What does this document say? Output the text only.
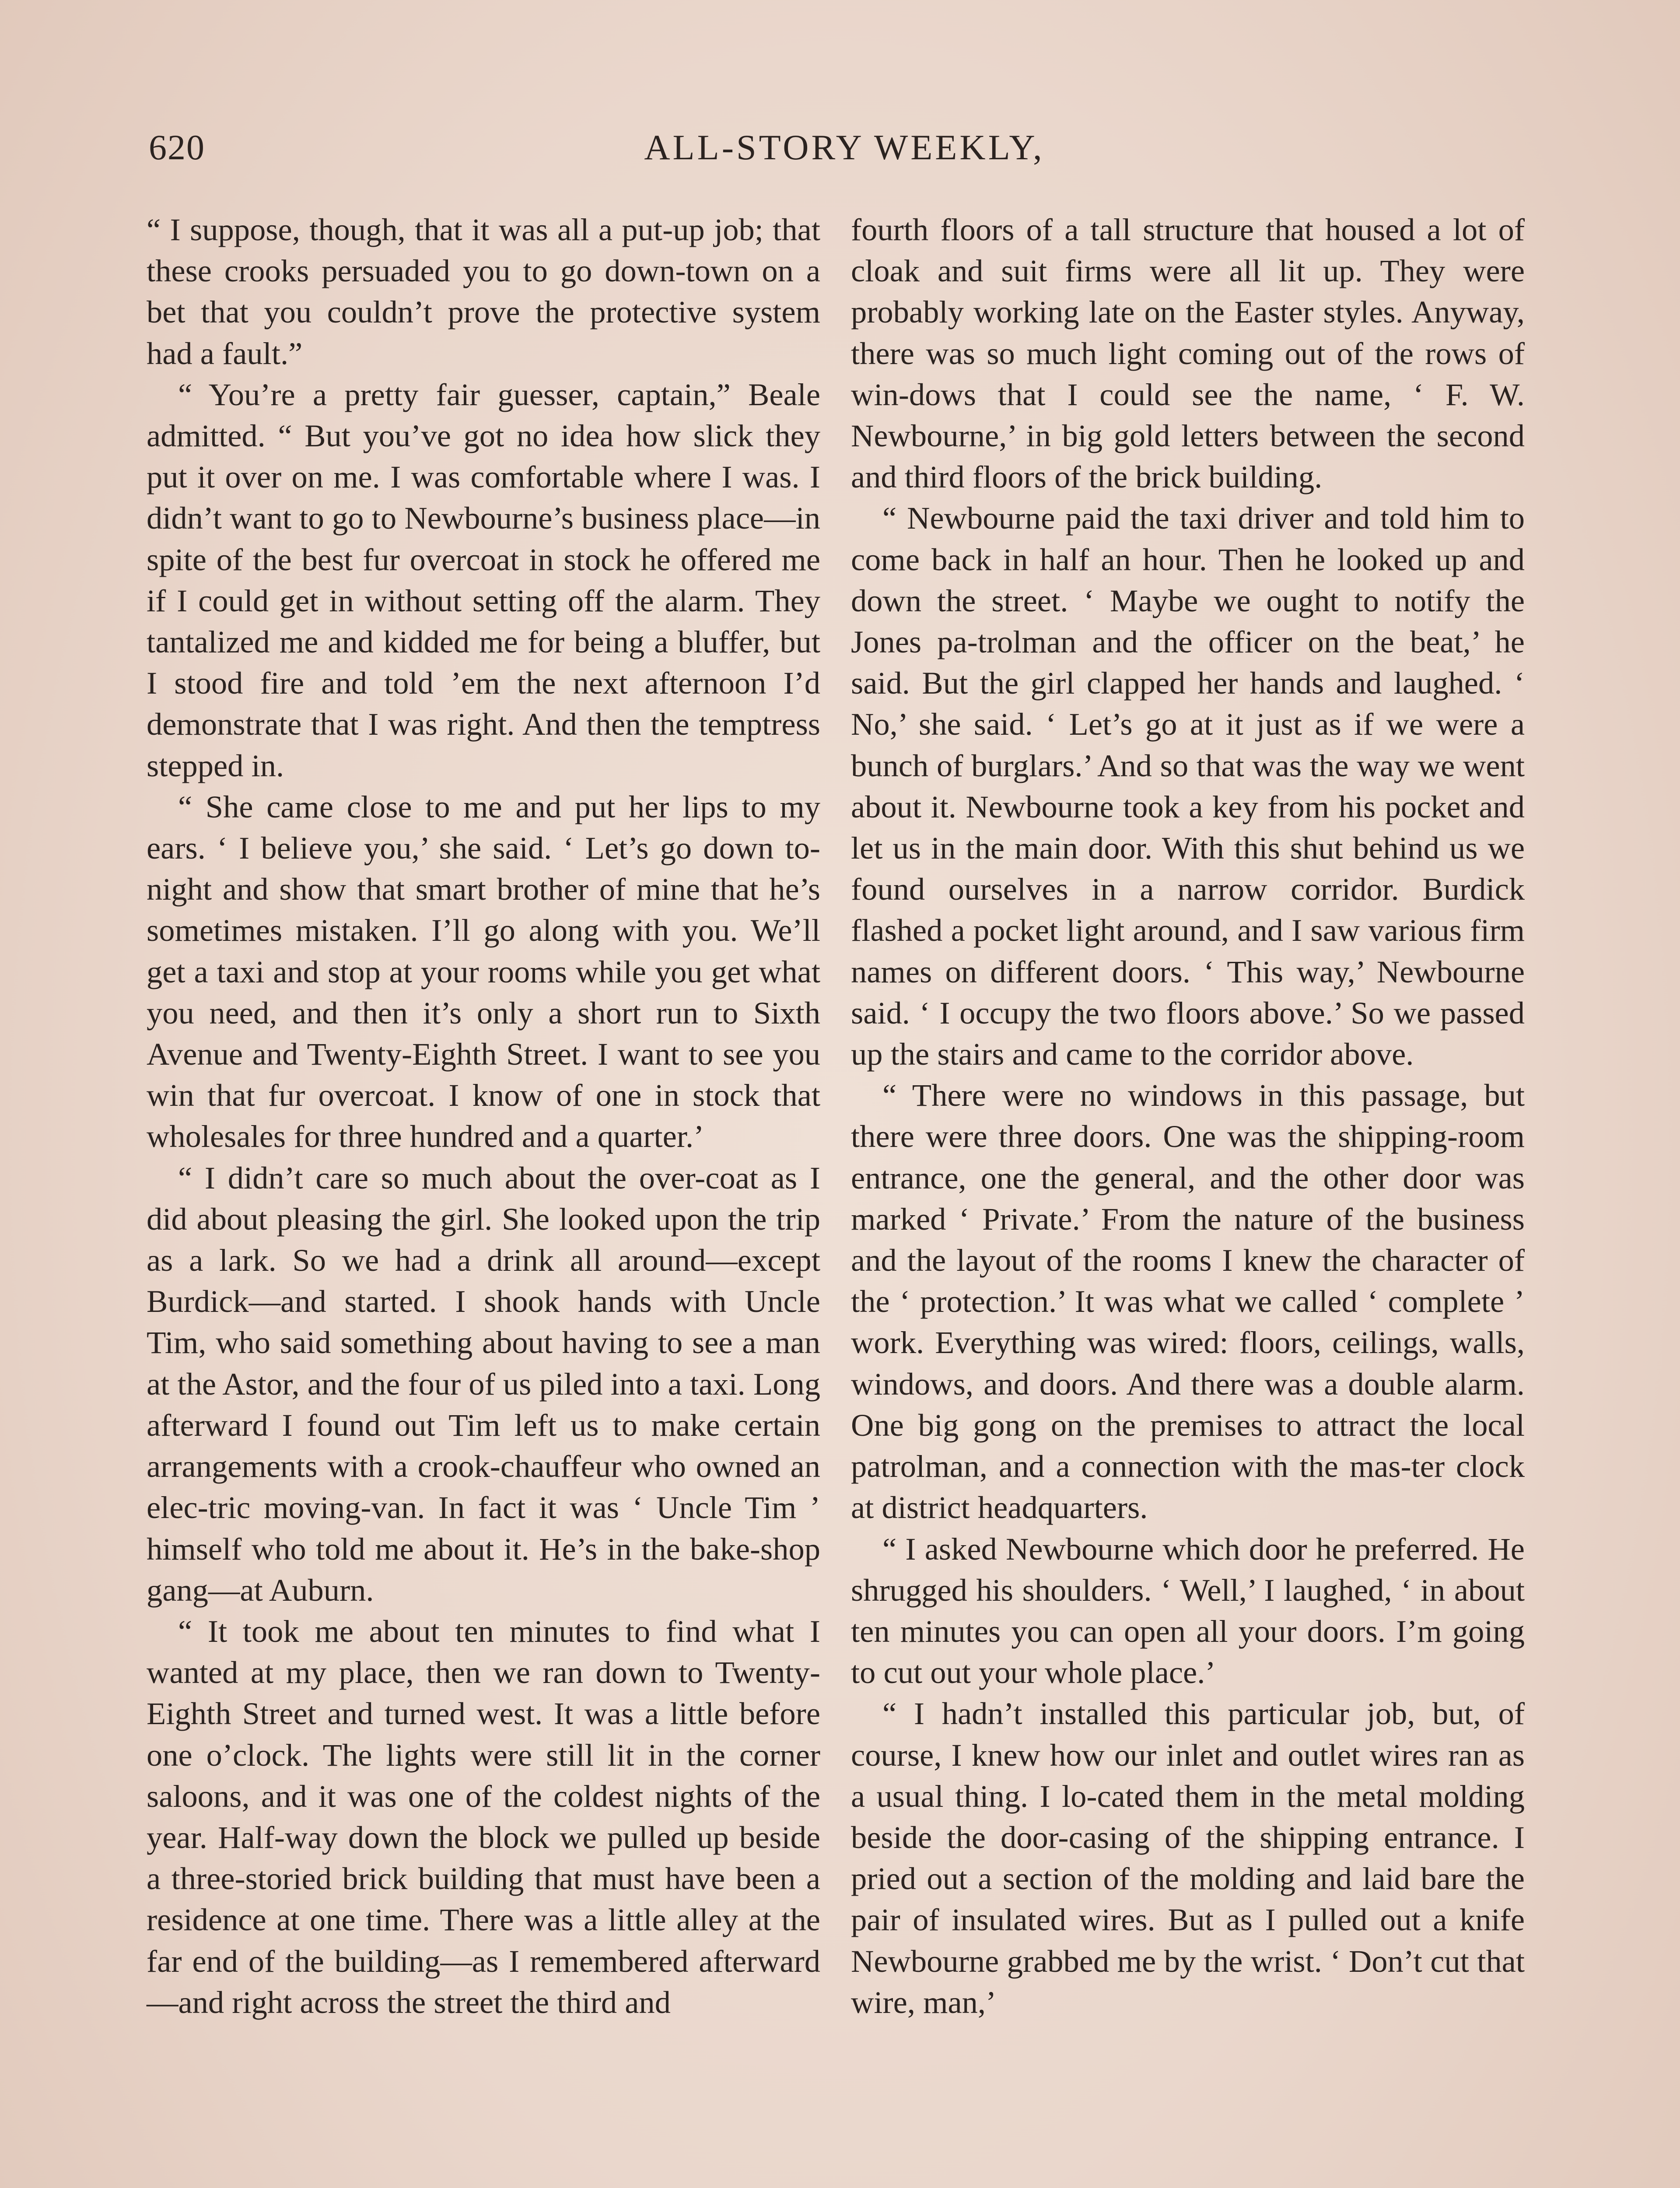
620	ALL-STORY WEEKLY,

“ I suppose, though, that it was all a put-up job; that these crooks persuaded you to go down-town on a bet that you couldn’t prove the protective system had a fault.”

“ You’re a pretty fair guesser, captain,” Beale admitted. “ But you’ve got no idea how slick they put it over on me. I was comfortable where I was. I didn’t want to go to Newbourne’s business place—in spite of the best fur overcoat in stock he offered me if I could get in without setting off the alarm. They tantalized me and kidded me for being a bluffer, but I stood fire and told ’em the next afternoon I’d demonstrate that I was right. And then the temptress stepped in.

“ She came close to me and put her lips to my ears. ‘ I believe you,’ she said. ‘ Let’s go down to-night and show that smart brother of mine that he’s sometimes mistaken. I’ll go along with you. We’ll get a taxi and stop at your rooms while you get what you need, and then it’s only a short run to Sixth Avenue and Twenty-Eighth Street. I want to see you win that fur overcoat. I know of one in stock that wholesales for three hundred and a quarter.’

“ I didn’t care so much about the over-coat as I did about pleasing the girl. She looked upon the trip as a lark. So we had a drink all around—except Burdick—and started. I shook hands with Uncle Tim, who said something about having to see a man at the Astor, and the four of us piled into a taxi. Long afterward I found out Tim left us to make certain arrangements with a crook-chauffeur who owned an elec-tric moving-van. In fact it was ‘ Uncle Tim ’ himself who told me about it. He’s in the bake-shop gang—at Auburn.

“ It took me about ten minutes to find what I wanted at my place, then we ran down to Twenty-Eighth Street and turned west. It was a little before one o’clock. The lights were still lit in the corner saloons, and it was one of the coldest nights of the year. Half-way down the block we pulled up beside a three-storied brick building that must have been a residence at one time. There was a little alley at the far end of the building—as I remembered afterward—and right across the street the third and

fourth floors of a tall structure that housed a lot of cloak and suit firms were all lit up. They were probably working late on the Easter styles. Anyway, there was so much light coming out of the rows of win-dows that I could see the name, ‘ F. W. Newbourne,’ in big gold letters between the second and third floors of the brick building.

“ Newbourne paid the taxi driver and told him to come back in half an hour. Then he looked up and down the street. ‘ Maybe we ought to notify the Jones pa-trolman and the officer on the beat,’ he said. But the girl clapped her hands and laughed. ‘ No,’ she said. ‘ Let’s go at it just as if we were a bunch of burglars.’ And so that was the way we went about it. Newbourne took a key from his pocket and let us in the main door. With this shut behind us we found ourselves in a narrow corridor. Burdick flashed a pocket light around, and I saw various firm names on different doors. ‘ This way,’ Newbourne said. ‘ I occupy the two floors above.’ So we passed up the stairs and came to the corridor above.

“ There were no windows in this passage, but there were three doors. One was the shipping-room entrance, one the general, and the other door was marked ‘ Private.’ From the nature of the business and the layout of the rooms I knew the character of the ‘ protection.’ It was what we called ‘ complete ’ work. Everything was wired: floors, ceilings, walls, windows, and doors. And there was a double alarm. One big gong on the premises to attract the local patrolman, and a connection with the mas-ter clock at district headquarters.

“ I asked Newbourne which door he preferred. He shrugged his shoulders. ‘ Well,’ I laughed, ‘ in about ten minutes you can open all your doors. I’m going to cut out your whole place.’

“ I hadn’t installed this particular job, but, of course, I knew how our inlet and outlet wires ran as a usual thing. I lo-cated them in the metal molding beside the door-casing of the shipping entrance. I pried out a section of the molding and laid bare the pair of insulated wires. But as I pulled out a knife Newbourne grabbed me by the wrist. ‘ Don’t cut that wire, man,’
